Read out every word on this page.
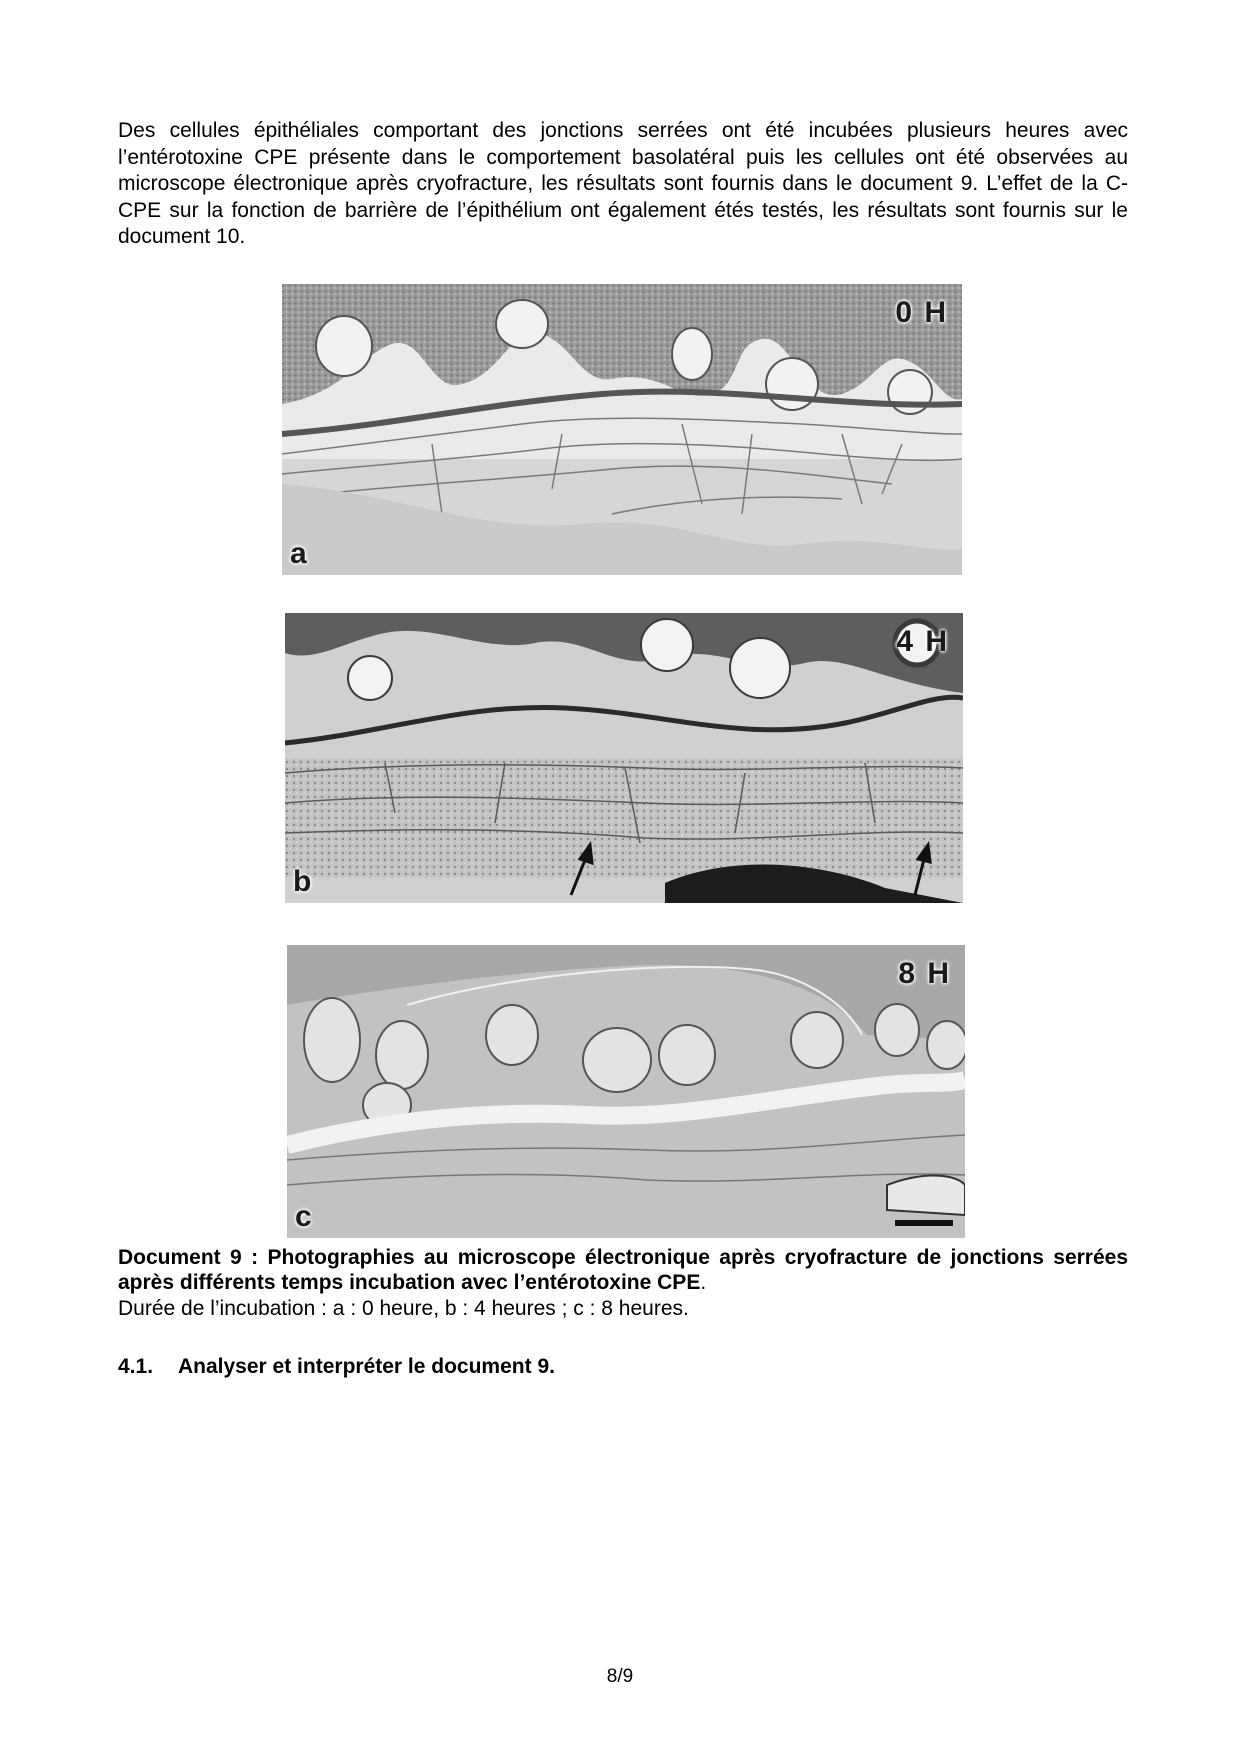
Des cellules épithéliales comportant des jonctions serrées ont été incubées plusieurs heures avec l’entérotoxine CPE présente dans le comportement basolatéral puis les cellules ont été observées au microscope électronique après cryofracture, les résultats sont fournis dans le document 9. L’effet de la C-CPE sur la fonction de barrière de l’épithélium ont également étés testés, les résultats sont fournis sur le document 10.

0 H
a
4 H
b
8 H
c

Document 9 : Photographies au microscope électronique après cryofracture de jonctions serrées après différents temps incubation avec l’entérotoxine CPE.

Durée de l’incubation : a : 0 heure, b : 4 heures ; c : 8 heures.

4.1. Analyser et interpréter le document 9.

8/9
